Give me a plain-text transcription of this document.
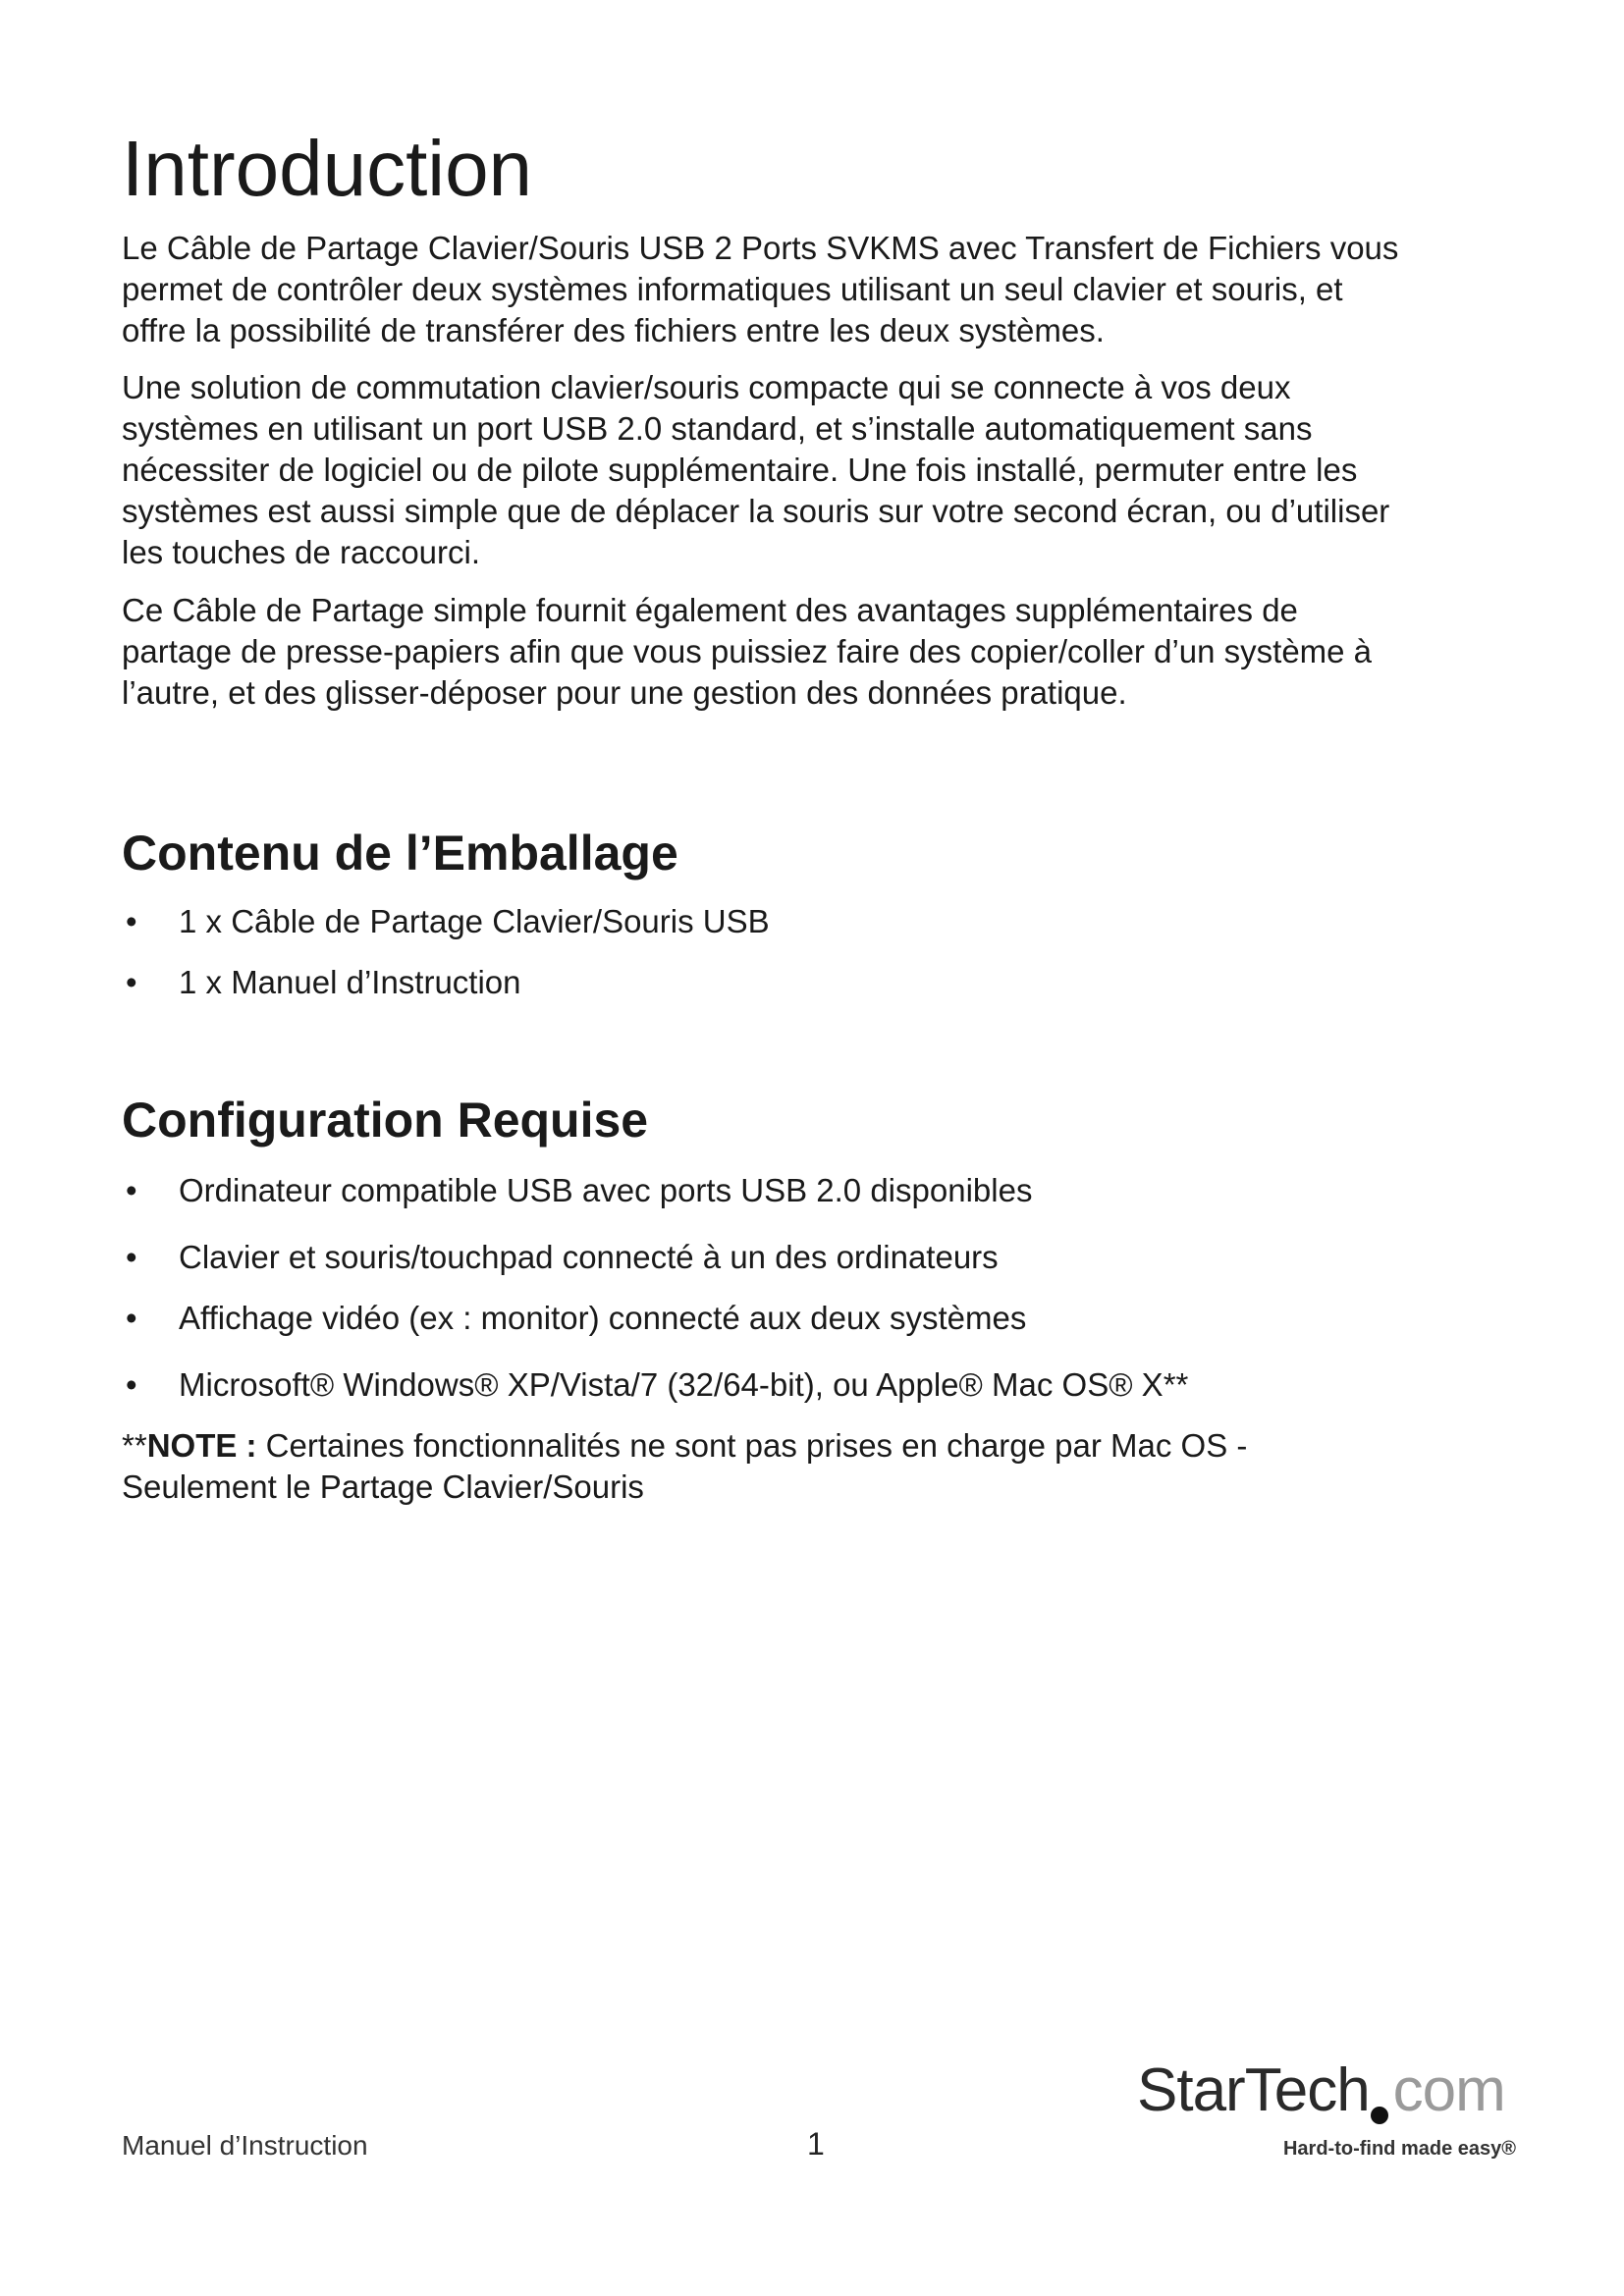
Introduction

Le Câble de Partage Clavier/Souris USB 2 Ports SVKMS avec Transfert de Fichiers vous
permet de contrôler deux systèmes informatiques utilisant un seul clavier et souris, et
offre la possibilité de transférer des fichiers entre les deux systèmes.

Une solution de commutation clavier/souris compacte qui se connecte à vos deux
systèmes en utilisant un port USB 2.0 standard, et s’installe automatiquement sans
nécessiter de logiciel ou de pilote supplémentaire. Une fois installé, permuter entre les
systèmes est aussi simple que de déplacer la souris sur votre second écran, ou d’utiliser
les touches de raccourci.

Ce Câble de Partage simple fournit également des avantages supplémentaires de
partage de presse-papiers afin que vous puissiez faire des copier/coller d’un système à
l’autre, et des glisser-déposer pour une gestion des données pratique.

Contenu de l’Emballage
• 1 x Câble de Partage Clavier/Souris USB
• 1 x Manuel d’Instruction
Configuration Requise
• Ordinateur compatible USB avec ports USB 2.0 disponibles
• Clavier et souris/touchpad connecté à un des ordinateurs
• Affichage vidéo (ex : monitor) connecté aux deux systèmes
• Microsoft® Windows® XP/Vista/7 (32/64-bit), ou Apple® Mac OS® X**
**NOTE : Certaines fonctionnalités ne sont pas prises en charge par Mac OS -
Seulement le Partage Clavier/Souris
Manuel d’Instruction	1
StarTech com
Hard-to-find made easy®
